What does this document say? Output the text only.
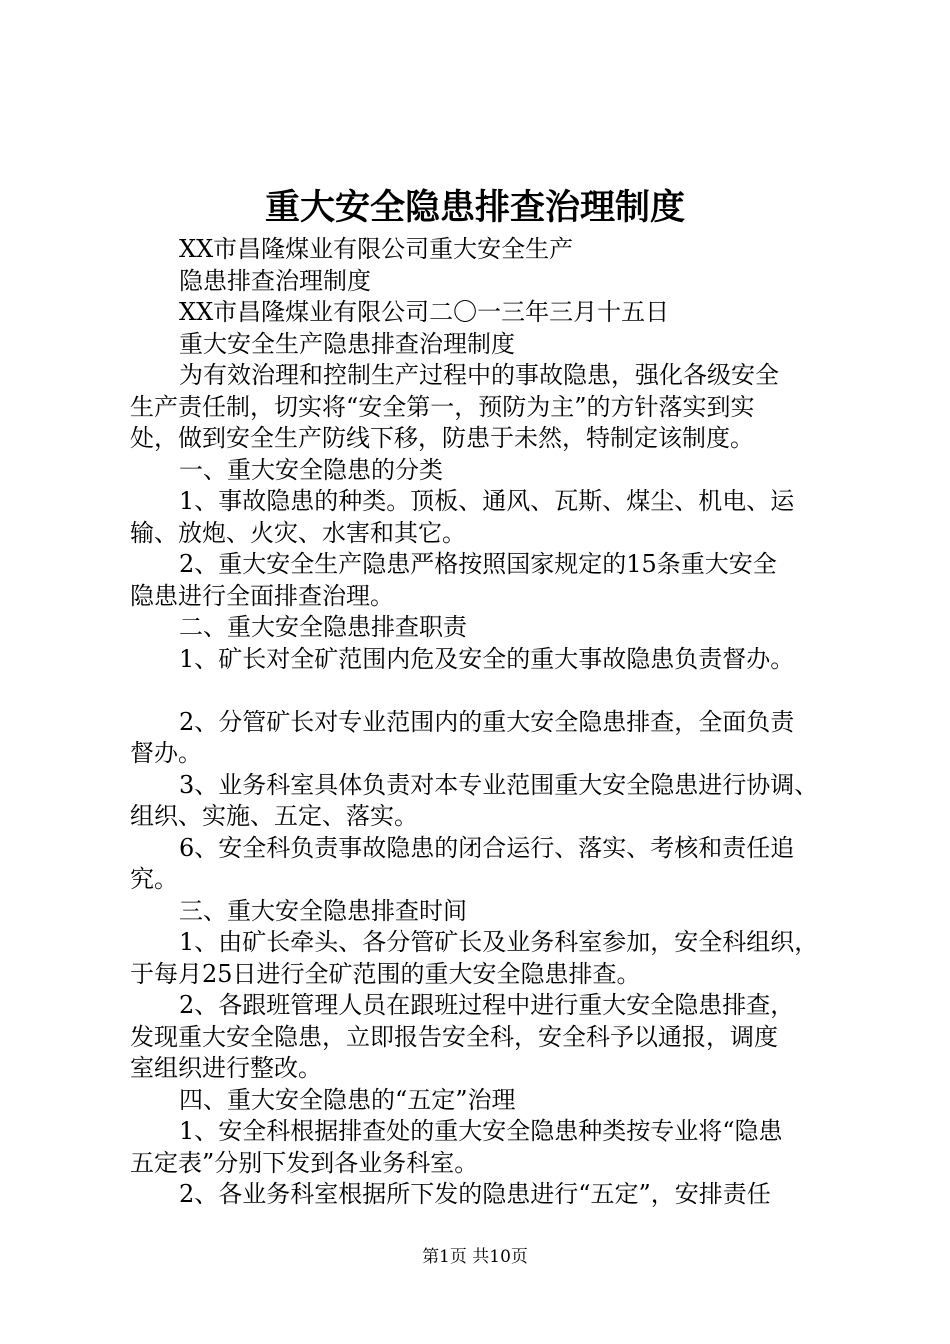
重大安全隐患排查治理制度

XX市昌隆煤业有限公司重大安全生产

隐患排查治理制度

XX市昌隆煤业有限公司二〇一三年三月十五日

重大安全生产隐患排查治理制度

为有效治理和控制生产过程中的事故隐患，强化各级安全

生产责任制，切实将“安全第一，预防为主”的方针落实到实

处，做到安全生产防线下移，防患于未然，特制定该制度。

一、重大安全隐患的分类

1、事故隐患的种类。顶板、通风、瓦斯、煤尘、机电、运

输、放炮、火灾、水害和其它。

2、重大安全生产隐患严格按照国家规定的15条重大安全

隐患进行全面排查治理。

二、重大安全隐患排查职责

1、矿长对全矿范围内危及安全的重大事故隐患负责督办。

2、分管矿长对专业范围内的重大安全隐患排查，全面负责

督办。

3、业务科室具体负责对本专业范围重大安全隐患进行协调、

组织、实施、五定、落实。

6、安全科负责事故隐患的闭合运行、落实、考核和责任追

究。

三、重大安全隐患排查时间

1、由矿长牵头、各分管矿长及业务科室参加，安全科组织，

于每月25日进行全矿范围的重大安全隐患排查。

2、各跟班管理人员在跟班过程中进行重大安全隐患排查，

发现重大安全隐患，立即报告安全科，安全科予以通报，调度

室组织进行整改。

四、重大安全隐患的“五定”治理

1、安全科根据排查处的重大安全隐患种类按专业将“隐患

五定表”分别下发到各业务科室。

2、各业务科室根据所下发的隐患进行“五定”，安排责任

第1页 共10页
